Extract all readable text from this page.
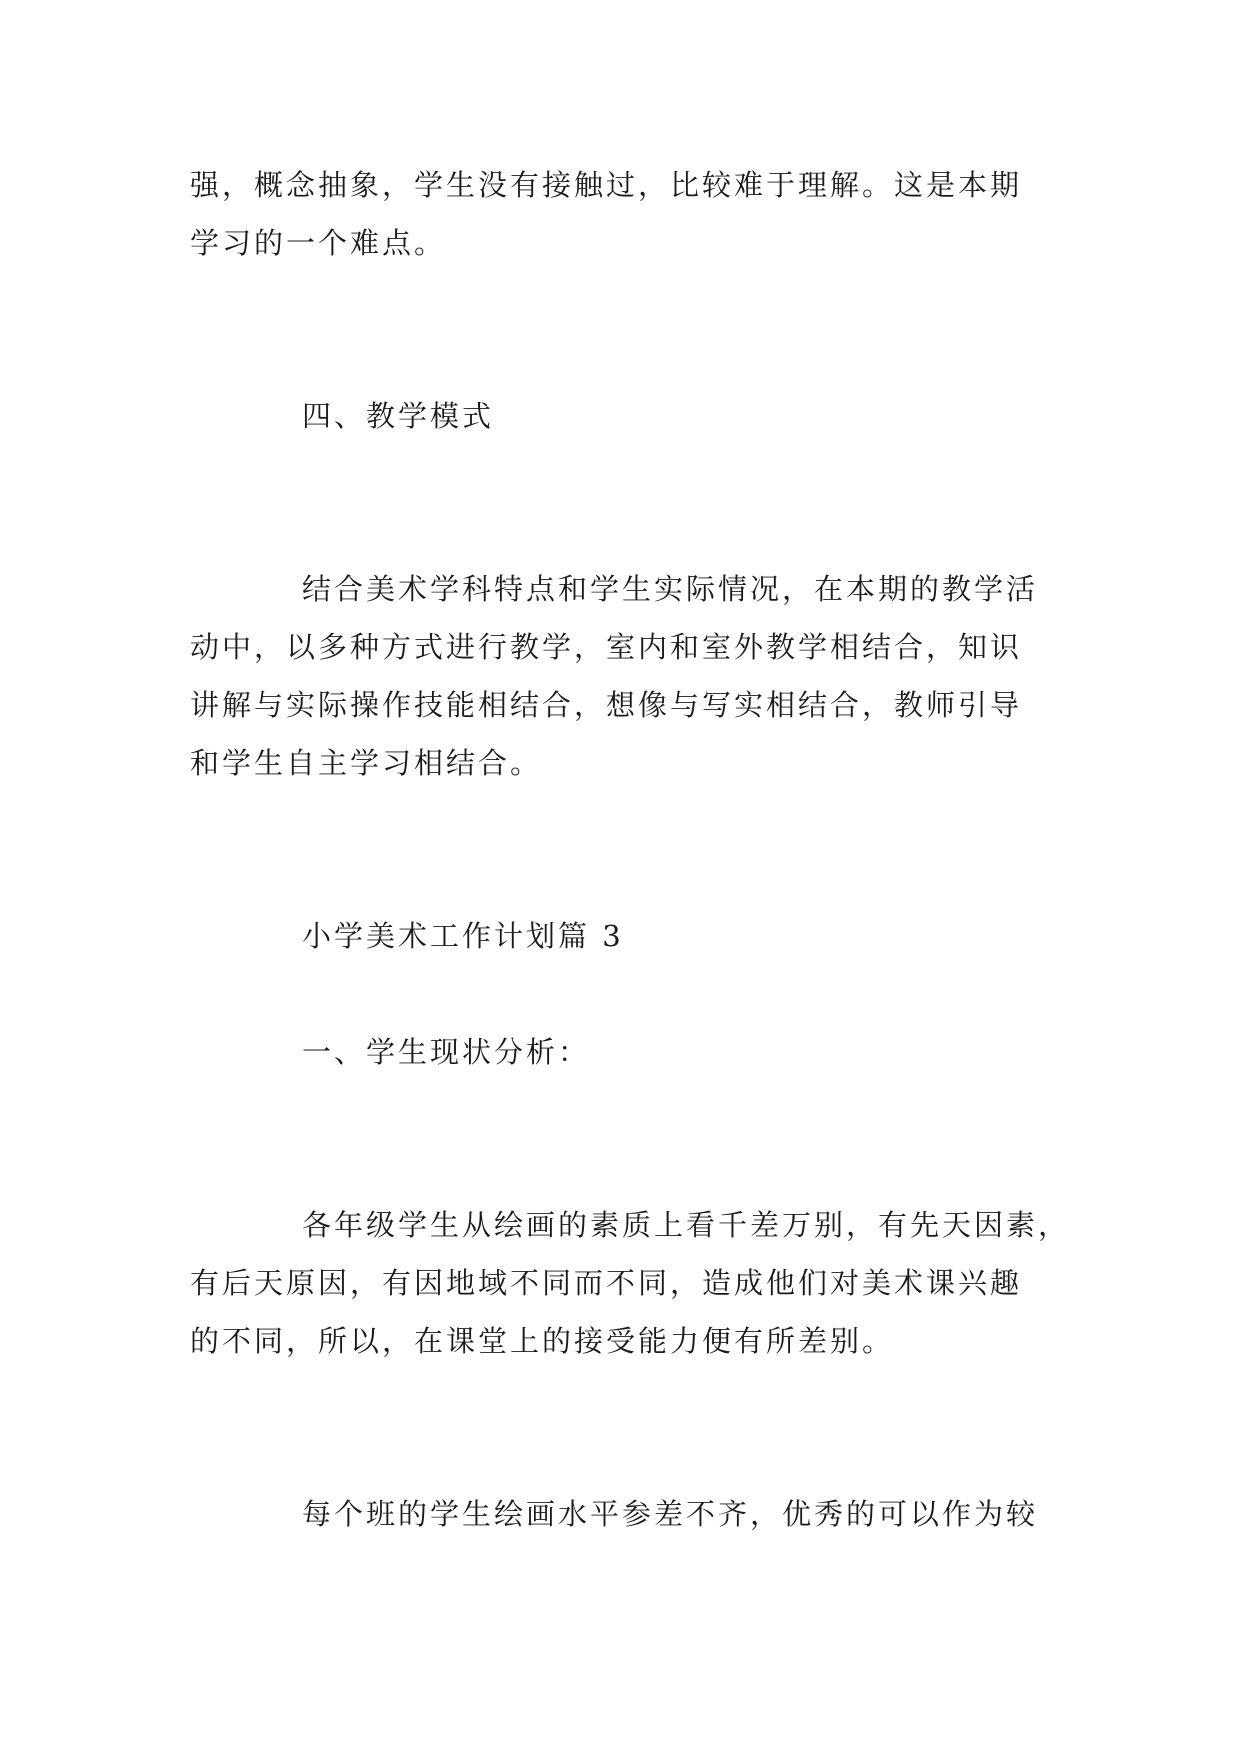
强，概念抽象，学生没有接触过，比较难于理解。这是本期
学习的一个难点。
四、教学模式
结合美术学科特点和学生实际情况，在本期的教学活
动中，以多种方式进行教学，室内和室外教学相结合，知识
讲解与实际操作技能相结合，想像与写实相结合，教师引导
和学生自主学习相结合。
小学美术工作计划篇 3
一、学生现状分析：
各年级学生从绘画的素质上看千差万别，有先天因素，
有后天原因，有因地域不同而不同，造成他们对美术课兴趣
的不同，所以，在课堂上的接受能力便有所差别。
每个班的学生绘画水平参差不齐，优秀的可以作为较
